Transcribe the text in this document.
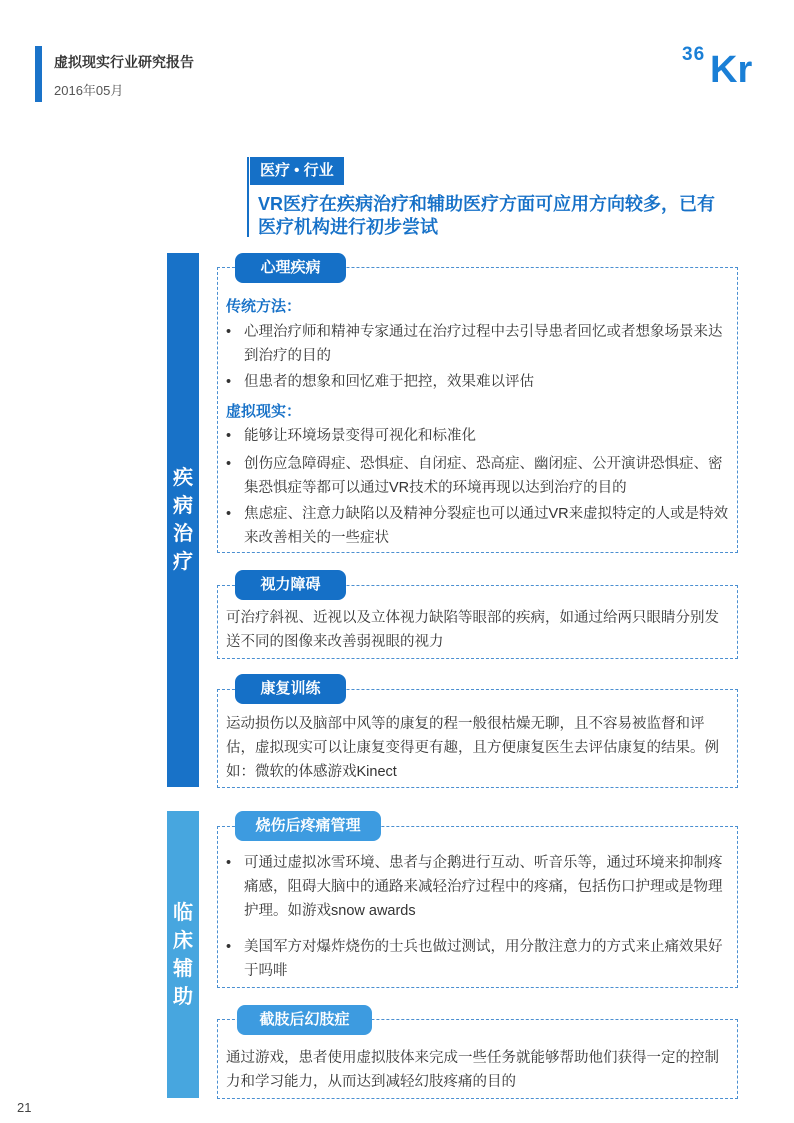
虚拟现实行业研究报告
2016年05月
36 Kr
医疗 • 行业
VR医疗在疾病治疗和辅助医疗方面可应用方向较多，已有医疗机构进行初步尝试
疾病治疗
临床辅助
心理疾病
传统方法：
• 心理治疗师和精神专家通过在治疗过程中去引导患者回忆或者想象场景来达到治疗的目的
• 但患者的想象和回忆难于把控，效果难以评估
虚拟现实：
• 能够让环境场景变得可视化和标准化
• 创伤应急障碍症、恐惧症、自闭症、恐高症、幽闭症、公开演讲恐惧症、密集恐惧症等都可以通过VR技术的环境再现以达到治疗的目的
• 焦虑症、注意力缺陷以及精神分裂症也可以通过VR来虚拟特定的人或是特效来改善相关的一些症状
视力障碍
可治疗斜视、近视以及立体视力缺陷等眼部的疾病，如通过给两只眼睛分别发送不同的图像来改善弱视眼的视力
康复训练
运动损伤以及脑部中风等的康复的程一般很枯燥无聊，且不容易被监督和评估，虚拟现实可以让康复变得更有趣，且方便康复医生去评估康复的结果。例如：微软的体感游戏Kinect
烧伤后疼痛管理
• 可通过虚拟冰雪环境、患者与企鹅进行互动、听音乐等，通过环境来抑制疼痛感，阻碍大脑中的通路来减轻治疗过程中的疼痛，包括伤口护理或是物理护理。如游戏snow awards
• 美国军方对爆炸烧伤的士兵也做过测试，用分散注意力的方式来止痛效果好于吗啡
截肢后幻肢症
通过游戏，患者使用虚拟肢体来完成一些任务就能够帮助他们获得一定的控制力和学习能力，从而达到减轻幻肢疼痛的目的
21
